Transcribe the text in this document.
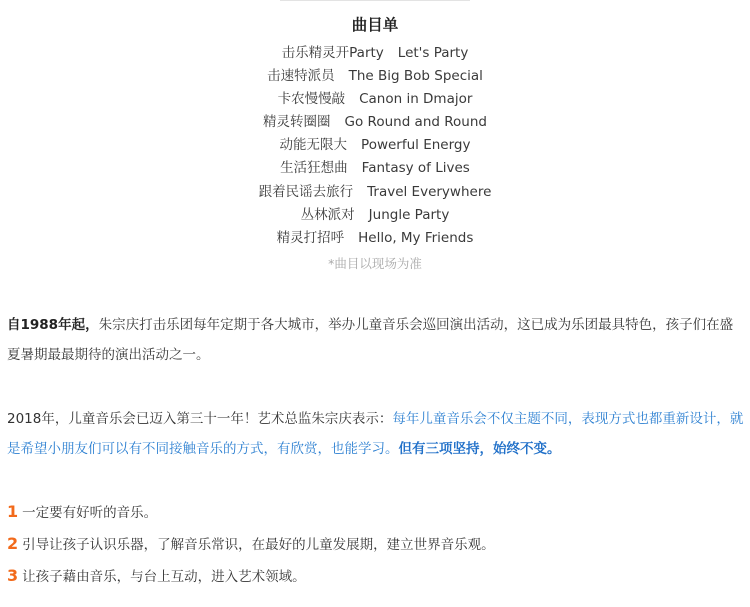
曲目单
击乐精灵开Party Let's Party
击速特派员 The Big Bob Special
卡农慢慢敲 Canon in Dmajor
精灵转圈圈 Go Round and Round
动能无限大 Powerful Energy
生活狂想曲 Fantasy of Lives
跟着民谣去旅行 Travel Everywhere
丛林派对 Jungle Party
精灵打招呼 Hello, My Friends
*曲目以现场为准

自1988年起，朱宗庆打击乐团每年定期于各大城市，举办儿童音乐会巡回演出活动，这已成为乐团最具特色，孩子们在盛夏暑期最最期待的演出活动之一。

2018年，儿童音乐会已迈入第三十一年！艺术总监朱宗庆表示：每年儿童音乐会不仅主题不同，表现方式也都重新设计，就是希望小朋友们可以有不同接触音乐的方式，有欣赏，也能学习。但有三项坚持，始终不变。

1 一定要有好听的音乐。
2 引导让孩子认识乐器，了解音乐常识，在最好的儿童发展期，建立世界音乐观。
3 让孩子藉由音乐，与台上互动，进入艺术领域。
